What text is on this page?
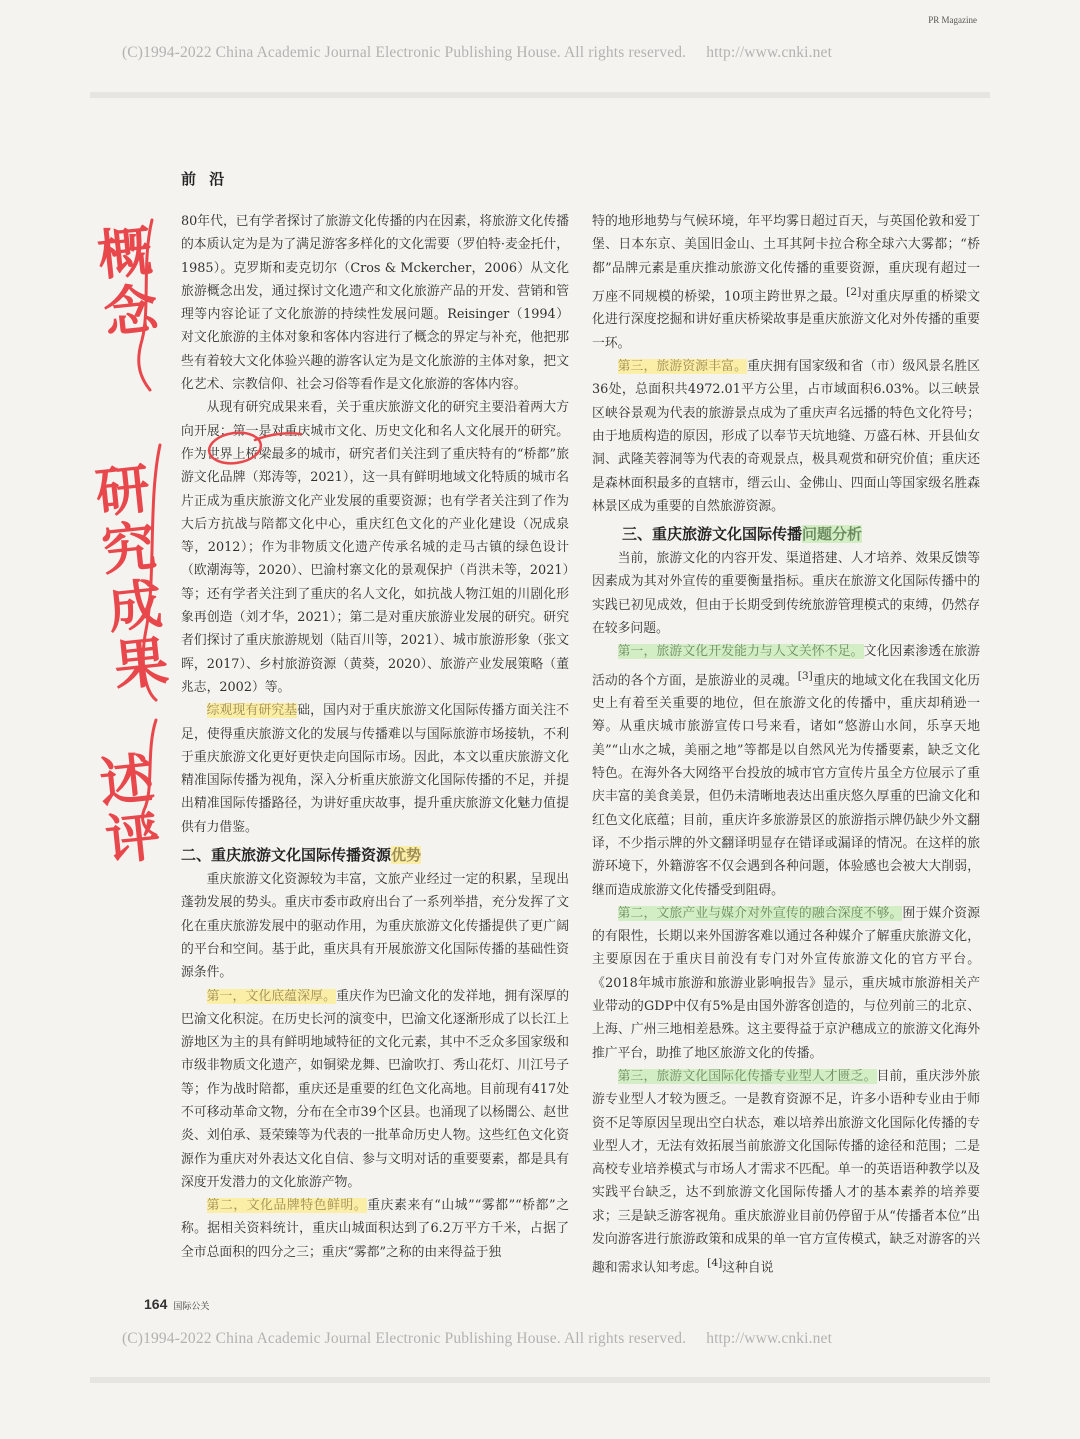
PR Magazine
(C)1994-2022 China Academic Journal Electronic Publishing House. All rights reserved. http://www.cnki.net
前 沿

80年代，已有学者探讨了旅游文化传播的内在因素，将旅游文化传播的本质认定为是为了满足游客多样化的文化需要（罗伯特·麦金托什，1985）。克罗斯和麦克切尔（Cros & Mckercher，2006）从文化旅游概念出发，通过探讨文化遗产和文化旅游产品的开发、营销和管理等内容论证了文化旅游的持续性发展问题。Reisinger（1994）对文化旅游的主体对象和客体内容进行了概念的界定与补充，他把那些有着较大文化体验兴趣的游客认定为是文化旅游的主体对象，把文化艺术、宗教信仰、社会习俗等看作是文化旅游的客体内容。

从现有研究成果来看，关于重庆旅游文化的研究主要沿着两大方向开展：第一是对重庆城市文化、历史文化和名人文化展开的研究。作为世界上桥梁最多的城市，研究者们关注到了重庆特有的“桥都”旅游文化品牌（郑涛等，2021），这一具有鲜明地域文化特质的城市名片正成为重庆旅游文化产业发展的重要资源；也有学者关注到了作为大后方抗战与陪都文化中心，重庆红色文化的产业化建设（况成泉等，2012）；作为非物质文化遗产传承名城的走马古镇的绿色设计（欧潮海等，2020）、巴渝村寨文化的景观保护（肖洪未等，2021）等；还有学者关注到了重庆的名人文化，如抗战人物江姐的川剧化形象再创造（刘才华，2021）；第二是对重庆旅游业发展的研究。研究者们探讨了重庆旅游规划（陆百川等，2021）、城市旅游形象（张文晖，2017）、乡村旅游资源（黄葵，2020）、旅游产业发展策略（董兆志，2002）等。

综观现有研究基础，国内对于重庆旅游文化国际传播方面关注不足，使得重庆旅游文化的发展与传播难以与国际旅游市场接轨，不利于重庆旅游文化更好更快走向国际市场。因此，本文以重庆旅游文化精准国际传播为视角，深入分析重庆旅游文化国际传播的不足，并提出精准国际传播路径，为讲好重庆故事，提升重庆旅游文化魅力值提供有力借鉴。

二、重庆旅游文化国际传播资源优势

重庆旅游文化资源较为丰富，文旅产业经过一定的积累，呈现出蓬勃发展的势头。重庆市委市政府出台了一系列举措，充分发挥了文化在重庆旅游发展中的驱动作用，为重庆旅游文化传播提供了更广阔的平台和空间。基于此，重庆具有开展旅游文化国际传播的基础性资源条件。

第一，文化底蕴深厚。重庆作为巴渝文化的发祥地，拥有深厚的巴渝文化积淀。在历史长河的演变中，巴渝文化逐渐形成了以长江上游地区为主的具有鲜明地域特征的文化元素，其中不乏众多国家级和市级非物质文化遗产，如铜梁龙舞、巴渝吹打、秀山花灯、川江号子等；作为战时陪都，重庆还是重要的红色文化高地。目前现有417处不可移动革命文物，分布在全市39个区县。也涌现了以杨闇公、赵世炎、刘伯承、聂荣臻等为代表的一批革命历史人物。这些红色文化资源作为重庆对外表达文化自信、参与文明对话的重要要素，都是具有深度开发潜力的文化旅游产物。

第二，文化品牌特色鲜明。重庆素来有“山城”“雾都”“桥都”之称。据相关资料统计，重庆山城面积达到了6.2万平方千米，占据了全市总面积的四分之三；重庆“雾都”之称的由来得益于独

特的地形地势与气候环境，年平均雾日超过百天，与英国伦敦和爱丁堡、日本东京、美国旧金山、土耳其阿卡拉合称全球六大雾都；“桥都”品牌元素是重庆推动旅游文化传播的重要资源，重庆现有超过一万座不同规模的桥梁，10项主跨世界之最。[2]对重庆厚重的桥梁文化进行深度挖掘和讲好重庆桥梁故事是重庆旅游文化对外传播的重要一环。

第三，旅游资源丰富。重庆拥有国家级和省（市）级风景名胜区36处，总面积共4972.01平方公里，占市域面积6.03%。以三峡景区峡谷景观为代表的旅游景点成为了重庆声名远播的特色文化符号；由于地质构造的原因，形成了以奉节天坑地缝、万盛石林、开县仙女洞、武隆芙蓉洞等为代表的奇观景点，极具观赏和研究价值；重庆还是森林面积最多的直辖市，缙云山、金佛山、四面山等国家级名胜森林景区成为重要的自然旅游资源。

三、重庆旅游文化国际传播问题分析

当前，旅游文化的内容开发、渠道搭建、人才培养、效果反馈等因素成为其对外宣传的重要衡量指标。重庆在旅游文化国际传播中的实践已初见成效，但由于长期受到传统旅游管理模式的束缚，仍然存在较多问题。

第一，旅游文化开发能力与人文关怀不足。文化因素渗透在旅游活动的各个方面，是旅游业的灵魂。[3]重庆的地域文化在我国文化历史上有着至关重要的地位，但在旅游文化的传播中，重庆却稍逊一筹。从重庆城市旅游宣传口号来看，诸如“悠游山水间，乐享天地美”“山水之城，美丽之地”等都是以自然风光为传播要素，缺乏文化特色。在海外各大网络平台投放的城市官方宣传片虽全方位展示了重庆丰富的美食美景，但仍未清晰地表达出重庆悠久厚重的巴渝文化和红色文化底蕴；目前，重庆许多旅游景区的旅游指示牌仍缺少外文翻译，不少指示牌的外文翻译明显存在错译或漏译的情况。在这样的旅游环境下，外籍游客不仅会遇到各种问题，体验感也会被大大削弱，继而造成旅游文化传播受到阻碍。

第二，文旅产业与媒介对外宣传的融合深度不够。囿于媒介资源的有限性，长期以来外国游客难以通过各种媒介了解重庆旅游文化，主要原因在于重庆目前没有专门对外宣传旅游文化的官方平台。《2018年城市旅游和旅游业影响报告》显示，重庆城市旅游相关产业带动的GDP中仅有5%是由国外游客创造的，与位列前三的北京、上海、广州三地相差悬殊。这主要得益于京沪穗成立的旅游文化海外推广平台，助推了地区旅游文化的传播。

第三，旅游文化国际化传播专业型人才匮乏。目前，重庆涉外旅游专业型人才较为匮乏。一是教育资源不足，许多小语种专业由于师资不足等原因呈现出空白状态，难以培养出旅游文化国际化传播的专业型人才，无法有效拓展当前旅游文化国际传播的途径和范围；二是高校专业培养模式与市场人才需求不匹配。单一的英语语种教学以及实践平台缺乏，达不到旅游文化国际传播人才的基本素养的培养要求；三是缺乏游客视角。重庆旅游业目前仍停留于从“传播者本位”出发向游客进行旅游政策和成果的单一官方宣传模式，缺乏对游客的兴趣和需求认知考虑。[4]这种自说

概
念
研
究
成
果
述
评
164 国际公关
(C)1994-2022 China Academic Journal Electronic Publishing House. All rights reserved. http://www.cnki.net
